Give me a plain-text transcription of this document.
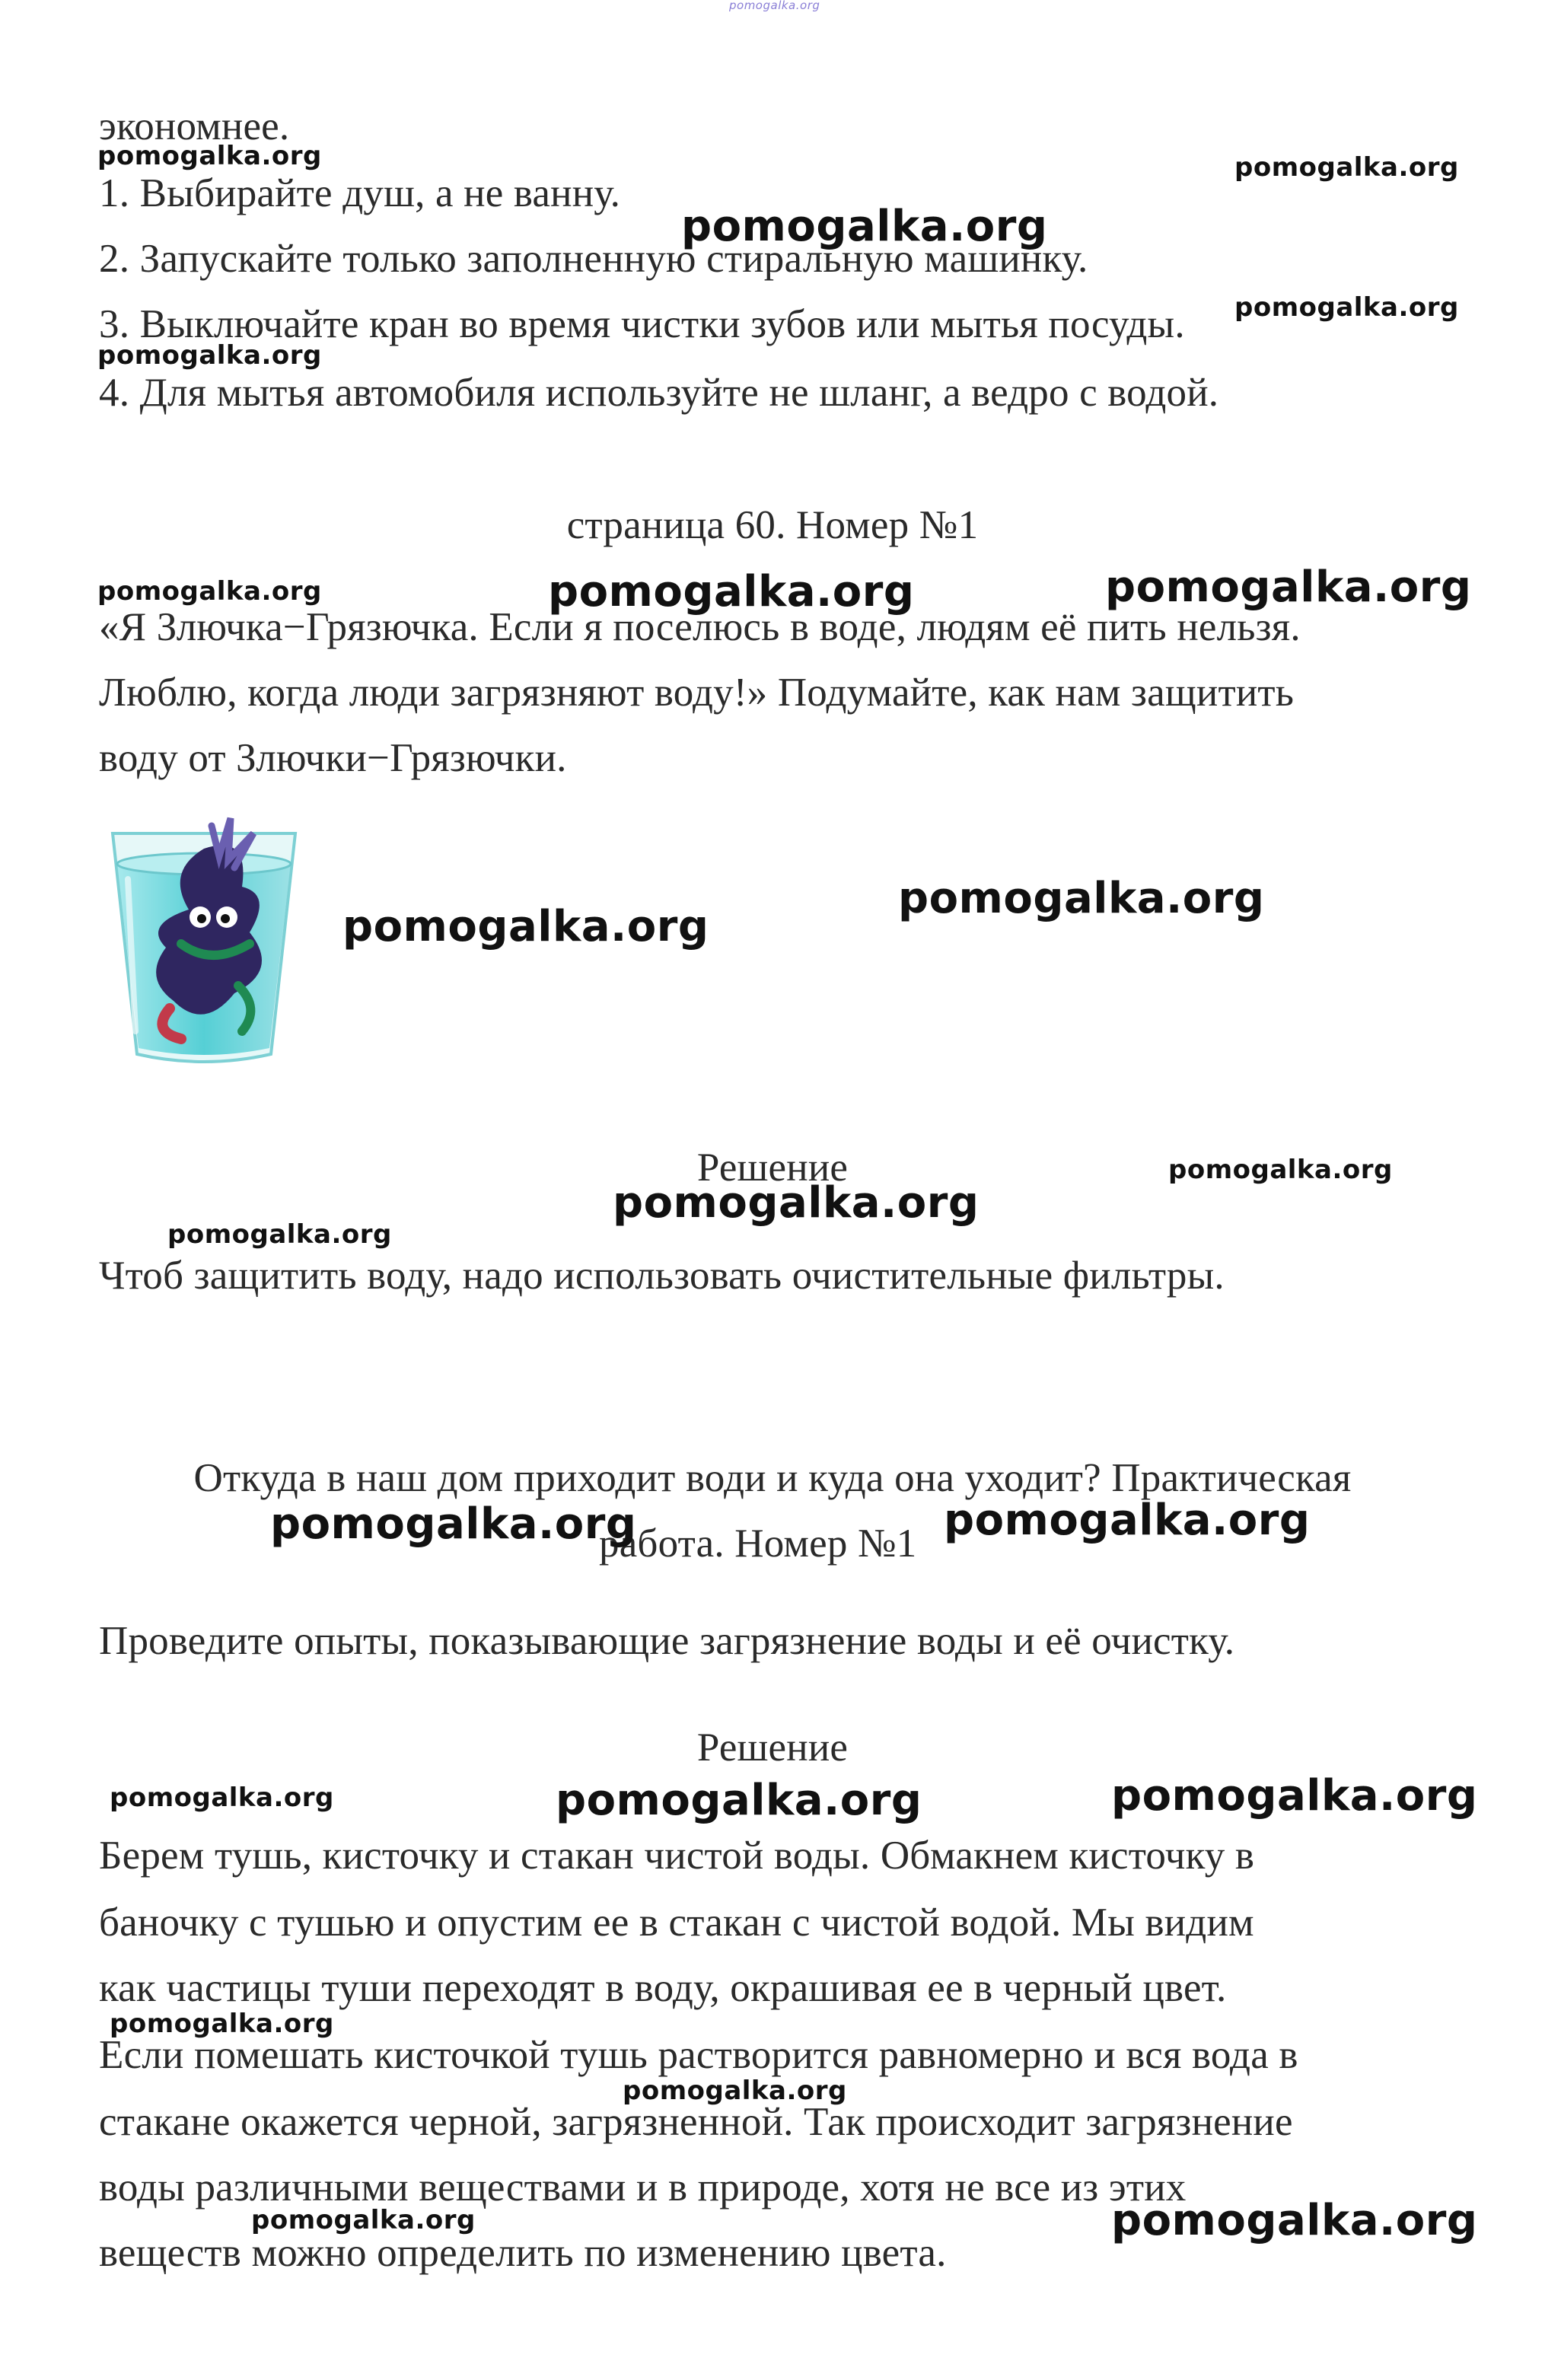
pomogalka.org
экономнее.
1. Выбирайте душ, а не ванну.
2. Запускайте только заполненную стиральную машинку.
3. Выключайте кран во время чистки зубов или мытья посуды.
4. Для мытья автомобиля используйте не шланг, а ведро с водой.
страница 60. Номер №1
«Я Злючка−Грязючка. Если я поселюсь в воде, людям её пить нельзя.
Люблю, когда люди загрязняют воду!» Подумайте, как нам защитить
воду от Злючки−Грязючки.
Решение
Чтоб защитить воду, надо использовать очистительные фильтры.
Откуда в наш дом приходит води и куда она уходит? Практическая
работа. Номер №1
Проведите опыты, показывающие загрязнение воды и её очистку.
Решение
Берем тушь, кисточку и стакан чистой воды. Обмакнем кисточку в
баночку с тушью и опустим ее в стакан с чистой водой. Мы видим
как частицы туши переходят в воду, окрашивая ее в черный цвет.
Если помешать кисточкой тушь растворится равномерно и вся вода в
стакане окажется черной, загрязненной. Так происходит загрязнение
воды различными веществами и в природе, хотя не все из этих
веществ можно определить по изменению цвета.
pomogalka.org	pomogalka.org
pomogalka.org
pomogalka.org
pomogalka.org
pomogalka.org	pomogalka.org	pomogalka.org
pomogalka.org
pomogalka.org
pomogalka.org
pomogalka.org
pomogalka.org
pomogalka.org	pomogalka.org
pomogalka.org	pomogalka.org	pomogalka.org
pomogalka.org
pomogalka.org
pomogalka.org	pomogalka.org
